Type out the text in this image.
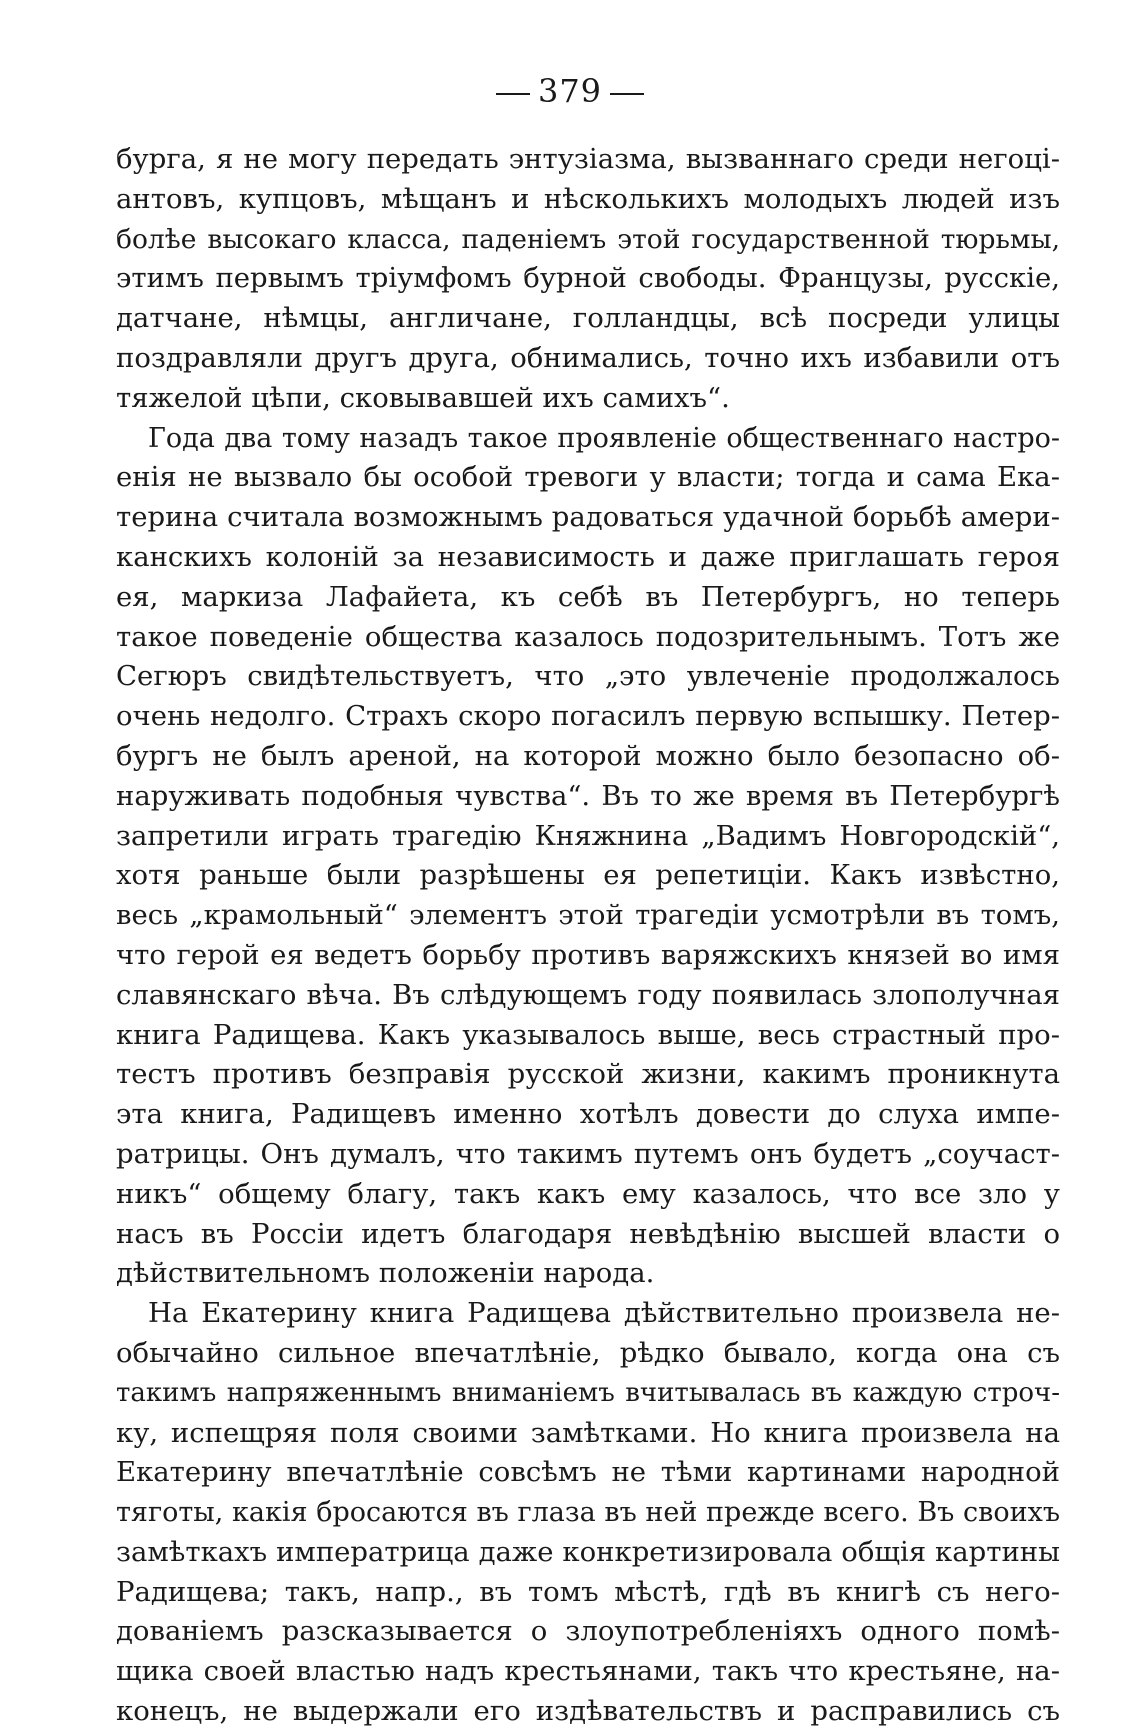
379
бурга, я не могу передать энтузіазма, вызваннаго среди негоці-
антовъ, купцовъ, мѣщанъ и нѣсколькихъ молодыхъ людей изъ
болѣе высокаго класса, паденіемъ этой государственной тюрьмы,
этимъ первымъ тріумфомъ бурной свободы. Французы, русскіе,
датчане, нѣмцы, англичане, голландцы, всѣ посреди улицы
поздравляли другъ друга, обнимались, точно ихъ избавили отъ
тяжелой цѣпи, сковывавшей ихъ самихъ“.
Года два тому назадъ такое проявленіе общественнаго настро-
енія не вызвало бы особой тревоги у власти; тогда и сама Ека-
терина считала возможнымъ радоваться удачной борьбѣ амери-
канскихъ колоній за независимость и даже приглашать героя
ея, маркиза Лафайета, къ себѣ въ Петербургъ, но теперь
такое поведеніе общества казалось подозрительнымъ. Тотъ же
Сегюръ свидѣтельствуетъ, что „это увлеченіе продолжалось
очень недолго. Страхъ скоро погасилъ первую вспышку. Петер-
бургъ не былъ ареной, на которой можно было безопасно об-
наруживать подобныя чувства“. Въ то же время въ Петербургѣ
запретили играть трагедію Княжнина „Вадимъ Новгородскій“,
хотя раньше были разрѣшены ея репетиціи. Какъ извѣстно,
весь „крамольный“ элементъ этой трагедіи усмотрѣли въ томъ,
что герой ея ведетъ борьбу противъ варяжскихъ князей во имя
славянскаго вѣча. Въ слѣдующемъ году появилась злополучная
книга Радищева. Какъ указывалось выше, весь страстный про-
тестъ противъ безправія русской жизни, какимъ проникнута
эта книга, Радищевъ именно хотѣлъ довести до слуха импе-
ратрицы. Онъ думалъ, что такимъ путемъ онъ будетъ „соучаст-
никъ“ общему благу, такъ какъ ему казалось, что все зло у
насъ въ Россіи идетъ благодаря невѣдѣнію высшей власти о
дѣйствительномъ положеніи народа.
На Екатерину книга Радищева дѣйствительно произвела не-
обычайно сильное впечатлѣніе, рѣдко бывало, когда она съ
такимъ напряженнымъ вниманіемъ вчитывалась въ каждую строч-
ку, испещряя поля своими замѣтками. Но книга произвела на
Екатерину впечатлѣніе совсѣмъ не тѣми картинами народной
тяготы, какія бросаются въ глаза въ ней прежде всего. Въ своихъ
замѣткахъ императрица даже конкретизировала общія картины
Радищева; такъ, напр., въ томъ мѣстѣ, гдѣ въ книгѣ съ него-
дованіемъ разсказывается о злоупотребленіяхъ одного помѣ-
щика своей властью надъ крестьянами, такъ что крестьяне, на-
конецъ, не выдержали его издѣвательствъ и расправились съ
